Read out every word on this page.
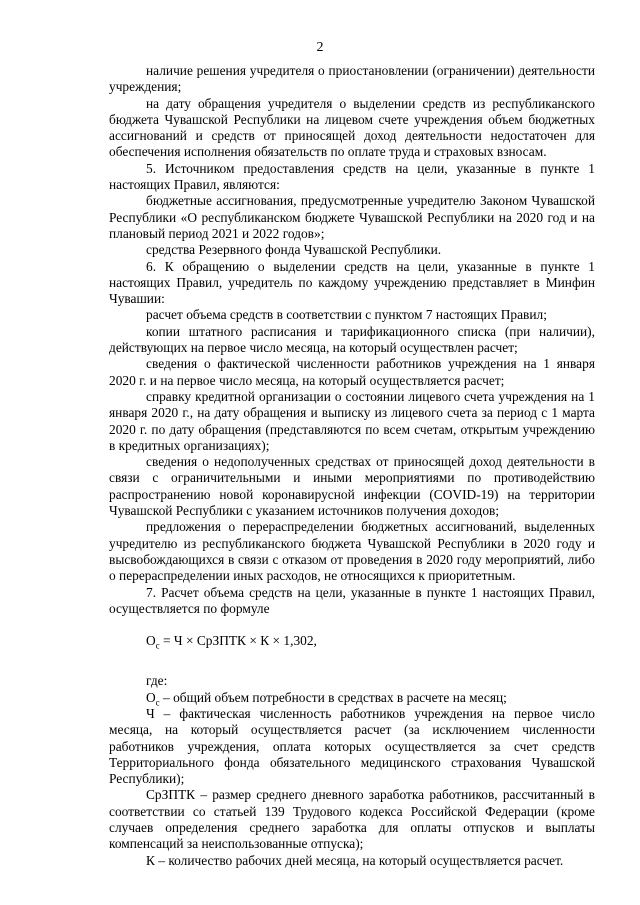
2

наличие решения учредителя о приостановлении (ограничении) деятельности учреждения;

на дату обращения учредителя о выделении средств из республиканского бюджета Чувашской Республики на лицевом счете учреждения объем бюджетных ассигнований и средств от приносящей доход деятельности недостаточен для обеспечения исполнения обязательств по оплате труда и страховых взносам.

5. Источником предоставления средств на цели, указанные в пункте 1 настоящих Правил, являются:

бюджетные ассигнования, предусмотренные учредителю Законом Чувашской Республики «О республиканском бюджете Чувашской Республики на 2020 год и на плановый период 2021 и 2022 годов»;

средства Резервного фонда Чувашской Республики.

6. К обращению о выделении средств на цели, указанные в пункте 1 настоящих Правил, учредитель по каждому учреждению представляет в Минфин Чувашии:

расчет объема средств в соответствии с пунктом 7 настоящих Правил;

копии штатного расписания и тарификационного списка (при наличии), действующих на первое число месяца, на который осуществлен расчет;

сведения о фактической численности работников учреждения на 1 января 2020 г. и на первое число месяца, на который осуществляется расчет;

справку кредитной организации о состоянии лицевого счета учреждения на 1 января 2020 г., на дату обращения и выписку из лицевого счета за период с 1 марта 2020 г. по дату обращения (представляются по всем счетам, открытым учреждению в кредитных организациях);

сведения о недополученных средствах от приносящей доход деятельности в связи с ограничительными и иными мероприятиями по противодействию распространению новой коронавирусной инфекции (COVID-19) на территории Чувашской Республики с указанием источников получения доходов;

предложения о перераспределении бюджетных ассигнований, выделенных учредителю из республиканского бюджета Чувашской Республики в 2020 году и высвобождающихся в связи с отказом от проведения в 2020 году мероприятий, либо о перераспределении иных расходов, не относящихся к приоритетным.

7. Расчет объема средств на цели, указанные в пункте 1 настоящих Правил, осуществляется по формуле

$О_с = Ч$ × СрЗПТК × К × 1,302,

где:

$О_с$ – общий объем потребности в средствах в расчете на месяц;

Ч – фактическая численность работников учреждения на первое число месяца, на который осуществляется расчет (за исключением численности работников учреждения, оплата которых осуществляется за счет средств Территориального фонда обязательного медицинского страхования Чувашской Республики);

СрЗПТК – размер среднего дневного заработка работников, рассчитанный в соответствии со статьей 139 Трудового кодекса Российской Федерации (кроме случаев определения среднего заработка для оплаты отпусков и выплаты компенсаций за неиспользованные отпуска);

К – количество рабочих дней месяца, на который осуществляется расчет.
